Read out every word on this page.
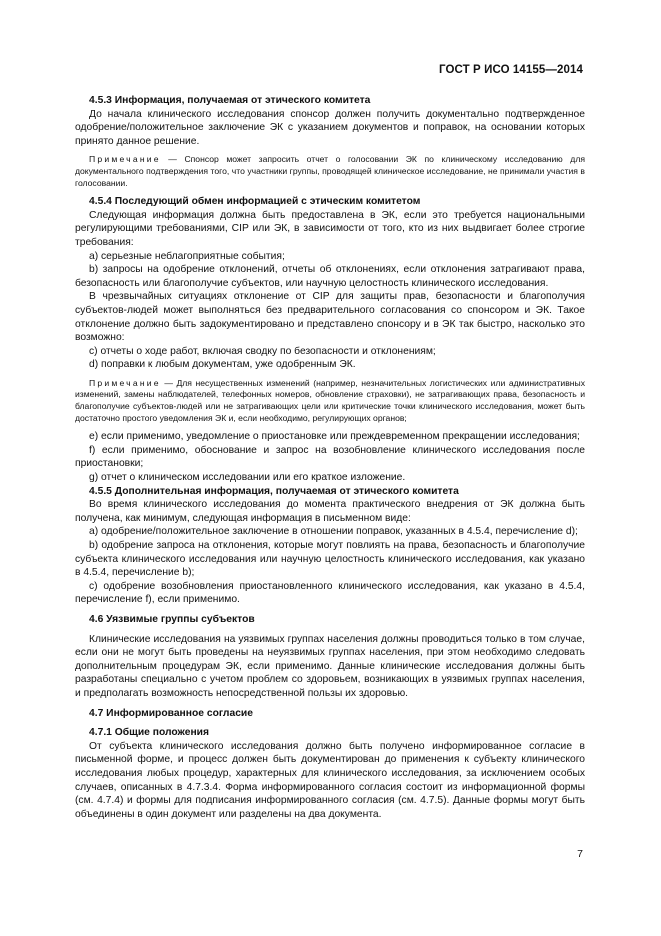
ГОСТ Р ИСО 14155—2014

4.5.3 Информация, получаемая от этического комитета

До начала клинического исследования спонсор должен получить документально подтвержденное одобрение/положительное заключение ЭК с указанием документов и поправок, на основании которых принято данное решение.

Примечание — Спонсор может запросить отчет о голосовании ЭК по клиническому исследованию для документального подтверждения того, что участники группы, проводящей клиническое исследование, не принимали участия в голосовании.

4.5.4 Последующий обмен информацией с этическим комитетом

Следующая информация должна быть предоставлена в ЭК, если это требуется национальными регулирующими требованиями, CIP или ЭК, в зависимости от того, кто из них выдвигает более строгие требования:

а) серьезные неблагоприятные события;

b) запросы на одобрение отклонений, отчеты об отклонениях, если отклонения затрагивают права, безопасность или благополучие субъектов, или научную целостность клинического исследования.

В чрезвычайных ситуациях отклонение от CIP для защиты прав, безопасности и благополучия субъектов-людей может выполняться без предварительного согласования со спонсором и ЭК. Такое отклонение должно быть задокументировано и представлено спонсору и в ЭК так быстро, насколько это возможно:

c) отчеты о ходе работ, включая сводку по безопасности и отклонениям;

d) поправки к любым документам, уже одобренным ЭК.

Примечание — Для несущественных изменений (например, незначительных логистических или административных изменений, замены наблюдателей, телефонных номеров, обновление страховки), не затрагивающих права, безопасность и благополучие субъектов-людей или не затрагивающих цели или критические точки клинического исследования, может быть достаточно простого уведомления ЭК и, если необходимо, регулирующих органов;

e) если применимо, уведомление о приостановке или преждевременном прекращении исследования;

f) если применимо, обоснование и запрос на возобновление клинического исследования после приостановки;

g) отчет о клиническом исследовании или его краткое изложение.

4.5.5 Дополнительная информация, получаемая от этического комитета

Во время клинического исследования до момента практического внедрения от ЭК должна быть получена, как минимум, следующая информация в письменном виде:

а) одобрение/положительное заключение в отношении поправок, указанных в 4.5.4, перечисление d);

b) одобрение запроса на отклонения, которые могут повлиять на права, безопасность и благополучие субъекта клинического исследования или научную целостность клинического исследования, как указано в 4.5.4, перечисление b);

c) одобрение возобновления приостановленного клинического исследования, как указано в 4.5.4, перечисление f), если применимо.

4.6 Уязвимые группы субъектов

Клинические исследования на уязвимых группах населения должны проводиться только в том случае, если они не могут быть проведены на неуязвимых группах населения, при этом необходимо следовать дополнительным процедурам ЭК, если применимо. Данные клинические исследования должны быть разработаны специально с учетом проблем со здоровьем, возникающих в уязвимых группах населения, и предполагать возможность непосредственной пользы их здоровью.

4.7 Информированное согласие

4.7.1 Общие положения

От субъекта клинического исследования должно быть получено информированное согласие в письменной форме, и процесс должен быть документирован до применения к субъекту клинического исследования любых процедур, характерных для клинического исследования, за исключением особых случаев, описанных в 4.7.3.4. Форма информированного согласия состоит из информационной формы (см. 4.7.4) и формы для подписания информированного согласия (см. 4.7.5). Данные формы могут быть объединены в один документ или разделены на два документа.

7
